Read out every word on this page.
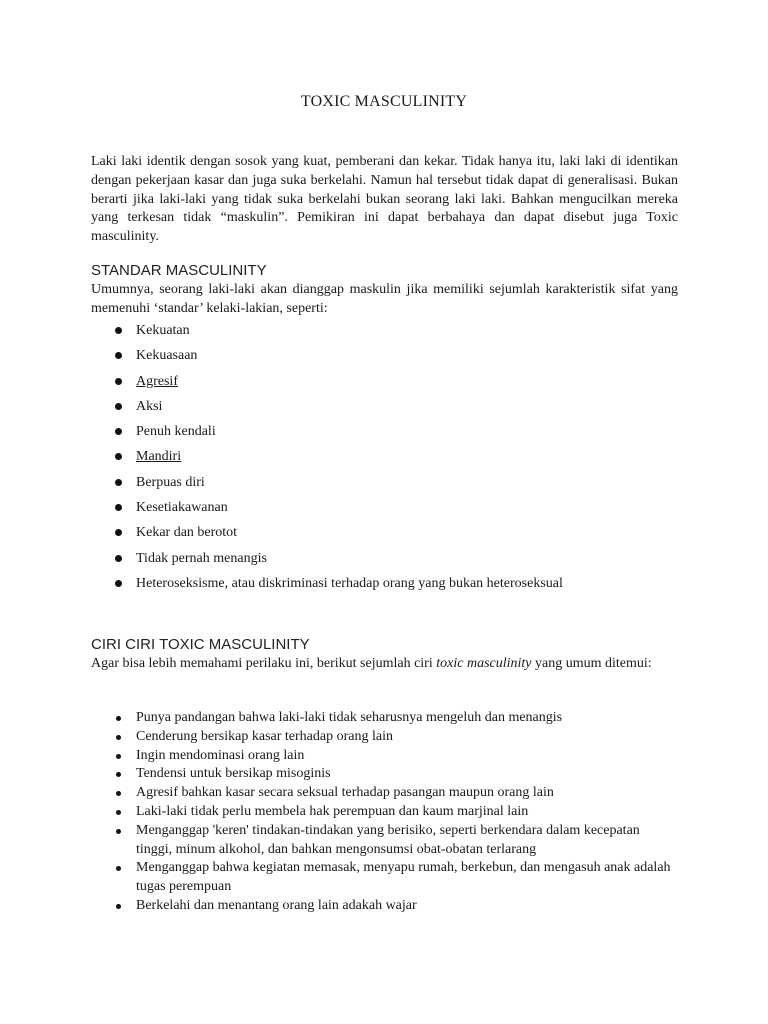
TOXIC MASCULINITY
Laki laki identik dengan sosok yang kuat, pemberani dan kekar. Tidak hanya itu, laki laki di identikan dengan pekerjaan kasar dan juga suka berkelahi. Namun hal tersebut tidak dapat di generalisasi. Bukan berarti jika laki-laki yang tidak suka berkelahi bukan seorang laki laki. Bahkan mengucilkan mereka yang terkesan tidak “maskulin”. Pemikiran ini dapat berbahaya dan dapat disebut juga Toxic masculinity.
STANDAR MASCULINITY
Umumnya, seorang laki-laki akan dianggap maskulin jika memiliki sejumlah karakteristik sifat yang memenuhi ‘standar’ kelaki-lakian, seperti:
Kekuatan
Kekuasaan
Agresif
Aksi
Penuh kendali
Mandiri
Berpuas diri
Kesetiakawanan
Kekar dan berotot
Tidak pernah menangis
Heteroseksisme, atau diskriminasi terhadap orang yang bukan heteroseksual
CIRI CIRI TOXIC MASCULINITY
Agar bisa lebih memahami perilaku ini, berikut sejumlah ciri toxic masculinity yang umum ditemui:
Punya pandangan bahwa laki-laki tidak seharusnya mengeluh dan menangis
Cenderung bersikap kasar terhadap orang lain
Ingin mendominasi orang lain
Tendensi untuk bersikap misoginis
Agresif bahkan kasar secara seksual terhadap pasangan maupun orang lain
Laki-laki tidak perlu membela hak perempuan dan kaum marjinal lain
Menganggap 'keren' tindakan-tindakan yang berisiko, seperti berkendara dalam kecepatan tinggi, minum alkohol, dan bahkan mengonsumsi obat-obatan terlarang
Menganggap bahwa kegiatan memasak, menyapu rumah, berkebun, dan mengasuh anak adalah tugas perempuan
Berkelahi dan menantang orang lain adakah wajar
